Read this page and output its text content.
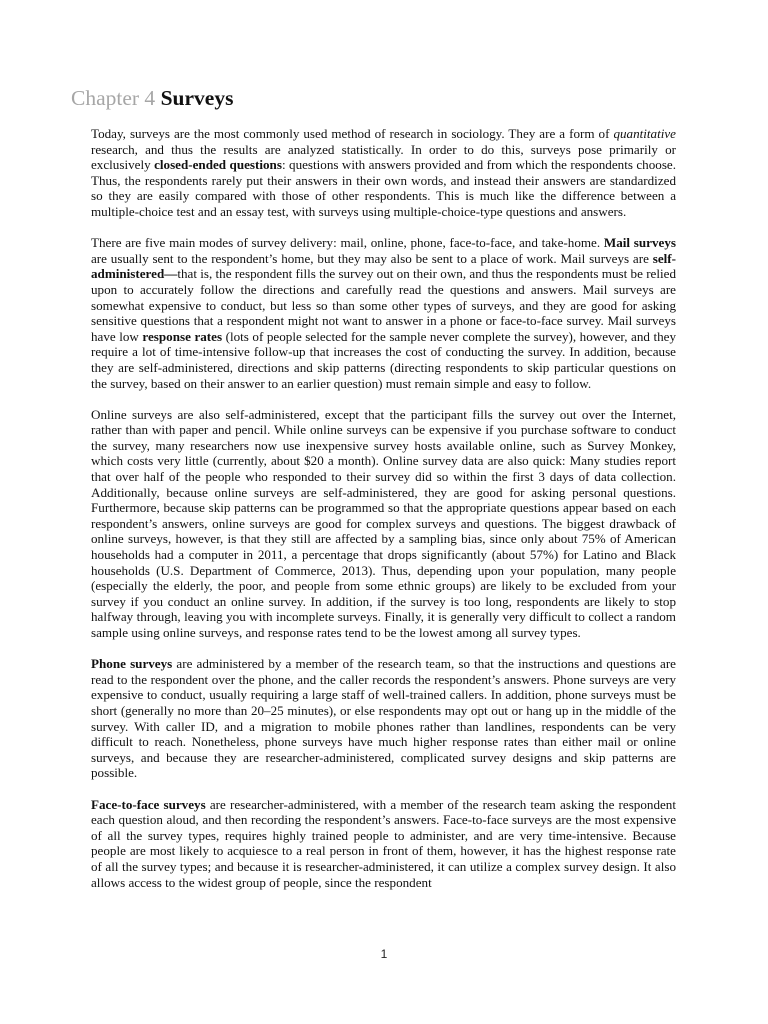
Chapter 4 Surveys

Today, surveys are the most commonly used method of research in sociology. They are a form of quantitative research, and thus the results are analyzed statistically. In order to do this, surveys pose primarily or exclusively closed-ended questions: questions with answers provided and from which the respondents choose. Thus, the respondents rarely put their answers in their own words, and instead their answers are standardized so they are easily compared with those of other respondents. This is much like the difference between a multiple-choice test and an essay test, with surveys using multiple-choice-type questions and answers.

There are five main modes of survey delivery: mail, online, phone, face-to-face, and take-home. Mail surveys are usually sent to the respondent’s home, but they may also be sent to a place of work. Mail surveys are self-administered—that is, the respondent fills the survey out on their own, and thus the respondents must be relied upon to accurately follow the directions and carefully read the questions and answers. Mail surveys are somewhat expensive to conduct, but less so than some other types of surveys, and they are good for asking sensitive questions that a respondent might not want to answer in a phone or face-to-face survey. Mail surveys have low response rates (lots of people selected for the sample never complete the survey), however, and they require a lot of time-intensive follow-up that increases the cost of conducting the survey. In addition, because they are self-administered, directions and skip patterns (directing respondents to skip particular questions on the survey, based on their answer to an earlier question) must remain simple and easy to follow.

Online surveys are also self-administered, except that the participant fills the survey out over the Internet, rather than with paper and pencil. While online surveys can be expensive if you purchase software to conduct the survey, many researchers now use inexpensive survey hosts available online, such as Survey Monkey, which costs very little (currently, about $20 a month). Online survey data are also quick: Many studies report that over half of the people who responded to their survey did so within the first 3 days of data collection. Additionally, because online surveys are self-administered, they are good for asking personal questions. Furthermore, because skip patterns can be programmed so that the appropriate questions appear based on each respondent’s answers, online surveys are good for complex surveys and questions. The biggest drawback of online surveys, however, is that they still are affected by a sampling bias, since only about 75% of American households had a computer in 2011, a percentage that drops significantly (about 57%) for Latino and Black households (U.S. Department of Commerce, 2013). Thus, depending upon your population, many people (especially the elderly, the poor, and people from some ethnic groups) are likely to be excluded from your survey if you conduct an online survey. In addition, if the survey is too long, respondents are likely to stop halfway through, leaving you with incomplete surveys. Finally, it is generally very difficult to collect a random sample using online surveys, and response rates tend to be the lowest among all survey types.

Phone surveys are administered by a member of the research team, so that the instructions and questions are read to the respondent over the phone, and the caller records the respondent’s answers. Phone surveys are very expensive to conduct, usually requiring a large staff of well-trained callers. In addition, phone surveys must be short (generally no more than 20–25 minutes), or else respondents may opt out or hang up in the middle of the survey. With caller ID, and a migration to mobile phones rather than landlines, respondents can be very difficult to reach. Nonetheless, phone surveys have much higher response rates than either mail or online surveys, and because they are researcher-administered, complicated survey designs and skip patterns are possible.

Face-to-face surveys are researcher-administered, with a member of the research team asking the respondent each question aloud, and then recording the respondent’s answers. Face-to-face surveys are the most expensive of all the survey types, requires highly trained people to administer, and are very time-intensive. Because people are most likely to acquiesce to a real person in front of them, however, it has the highest response rate of all the survey types; and because it is researcher-administered, it can utilize a complex survey design. It also allows access to the widest group of people, since the respondent

1
